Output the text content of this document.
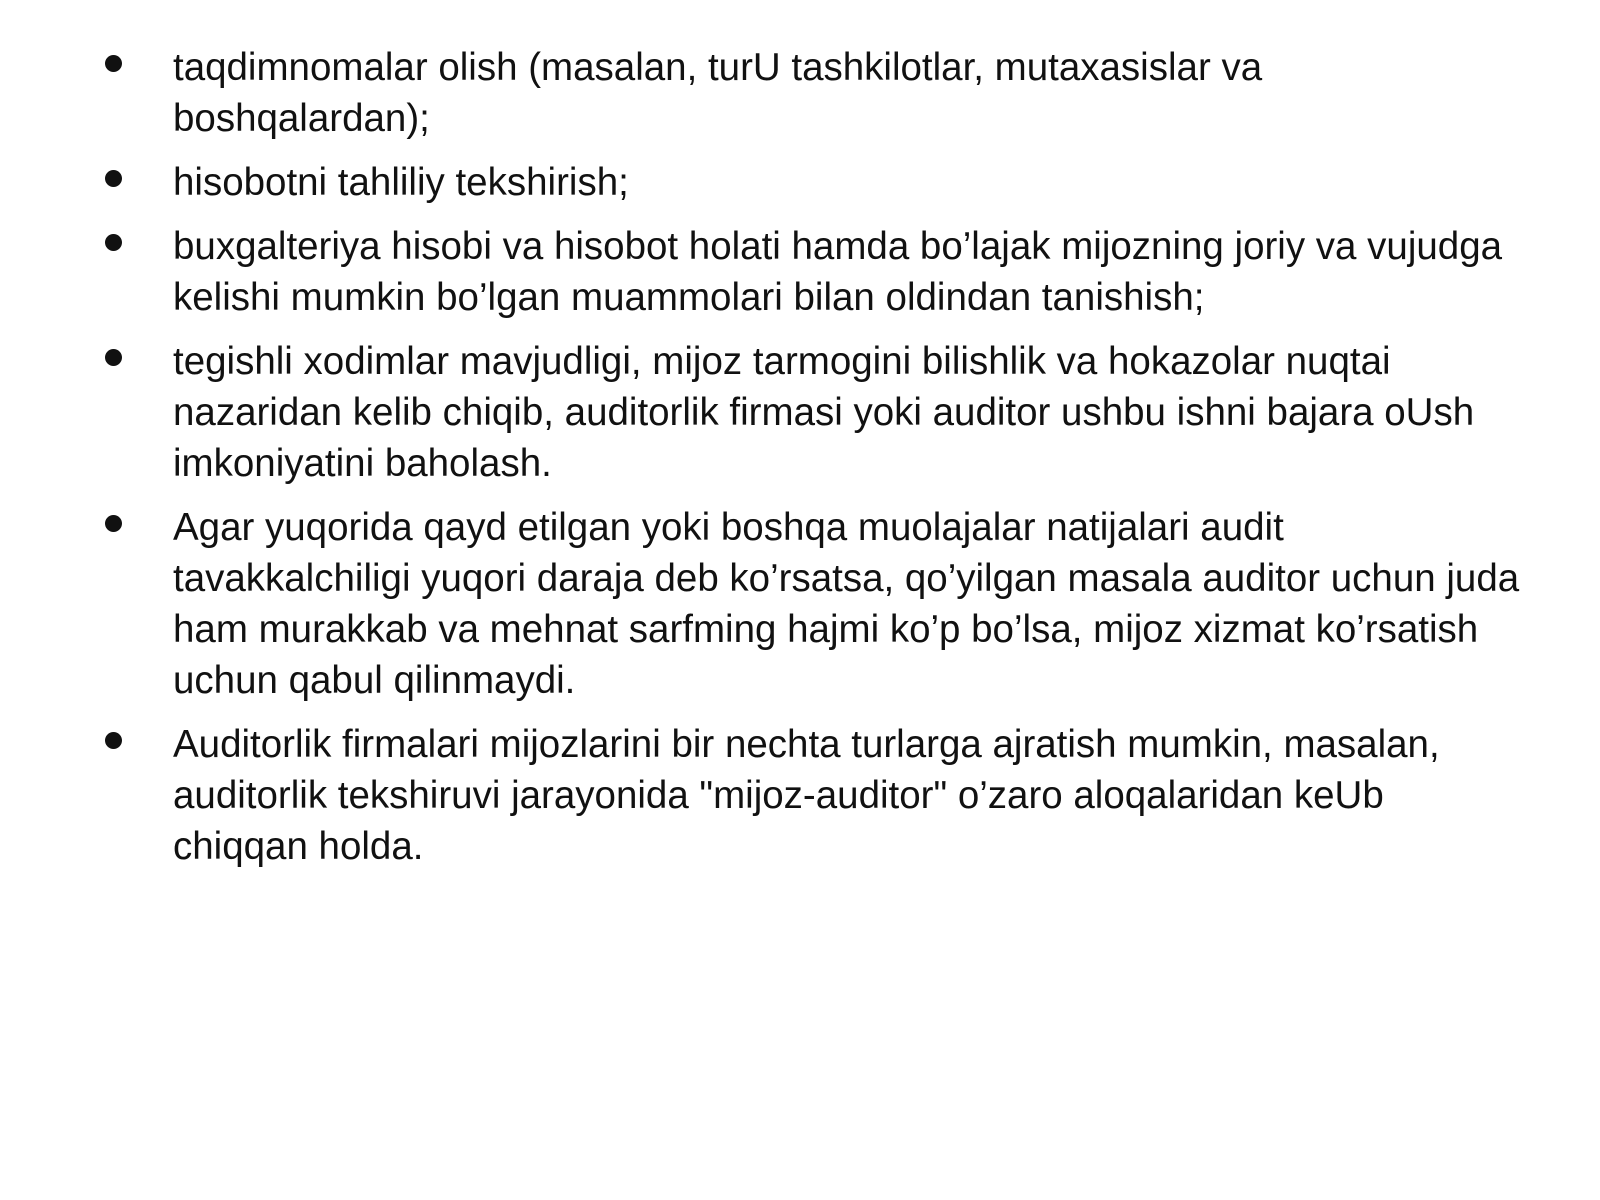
taqdimnomalar olish (masalan, turU tashkilotlar, mutaxasislar va boshqalardan);
hisobotni tahliliy tekshirish;
buxgalteriya hisobi va hisobot holati hamda bo’lajak mijozning joriy va vujudga kelishi mumkin bo’lgan muammolari bilan oldindan tanishish;
tegishli xodimlar mavjudligi, mijoz tarmogini bilishlik va hokazolar nuqtai nazaridan kelib chiqib, auditorlik firmasi yoki auditor ushbu ishni bajara oUsh imkoniyatini baholash.
Agar yuqorida qayd etilgan yoki boshqa muolajalar natijalari audit tavakkalchiligi yuqori daraja deb ko’rsatsa, qo’yilgan masala auditor uchun juda ham murakkab va mehnat sarfming hajmi ko’p bo’lsa, mijoz xizmat ko’rsatish uchun qabul qilinmaydi.
Auditorlik firmalari mijozlarini bir nechta turlarga ajratish mumkin, masalan, auditorlik tekshiruvi jarayonida "mijoz-auditor" o’zaro aloqalaridan keUb chiqqan holda.
